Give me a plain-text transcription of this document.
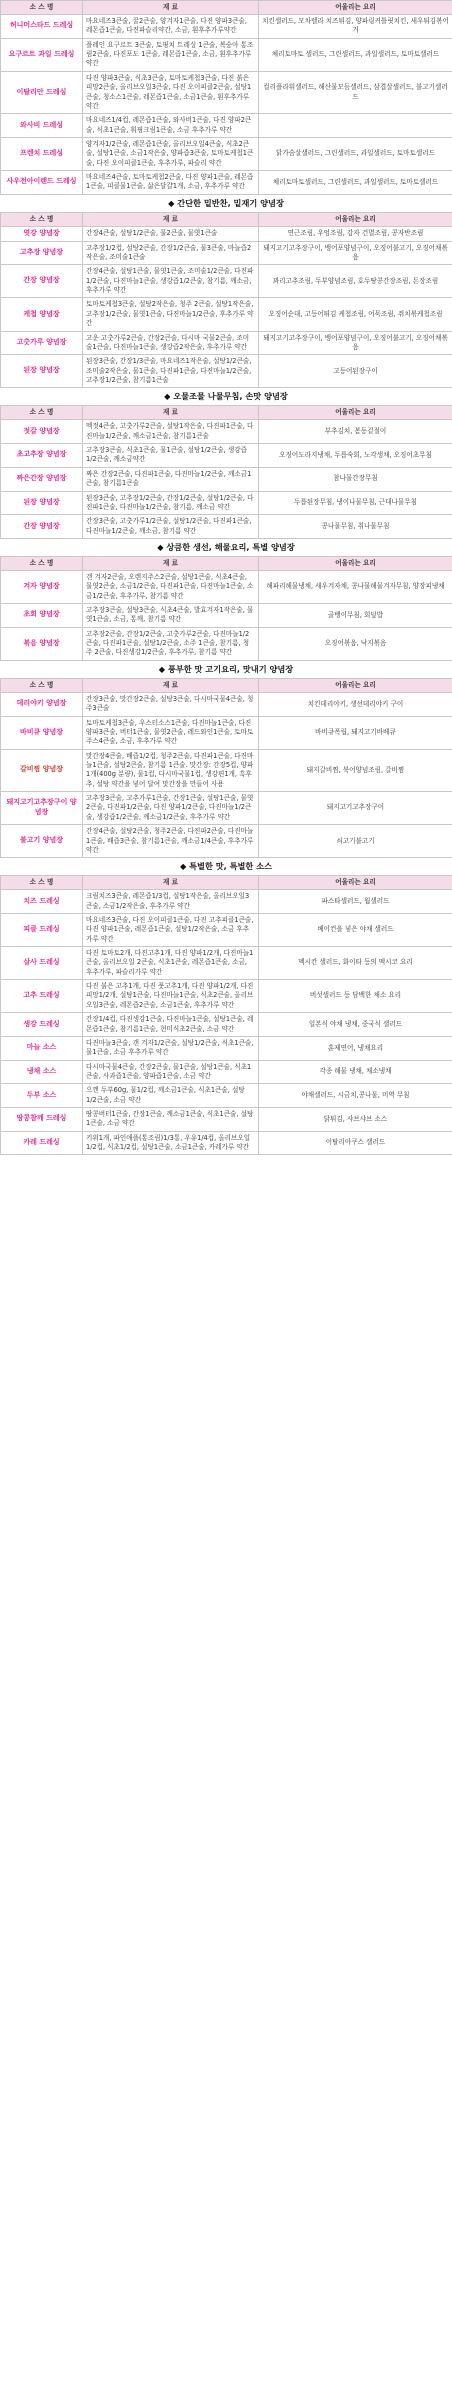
소 스 명	재 료	어울리는 요리
허니머스타드 드레싱	마요네즈3큰술, 꿀2큰술, 양겨자1큰술, 다진 양파3큰술, 레몬즙1큰술, 다진파슬리약간, 소금, 흰후추가루약간	치킨샐러드, 모차렐라 치즈튀김, 양파링커틀릿치킨, 새우튀김볶어거
요구르트 과일 드레싱	플레인 요구르트 3큰술, 토핑치 트레싱 1큰술, 복숭아 통조림2큰술, 다진포도 1큰술, 레몬즙1큰술, 소금, 흰후추가루 약간	체리토마토 샐러드, 그린샐러드, 과일샐러드, 토마토샐러드
이탈리안 드레싱	다진 양파3큰술, 식초3큰술, 토마토케첩3큰술, 다진 붉은 피망2큰술, 올리브오일3큰술, 다진 오이피클2큰술, 설탕1큰술, 청소스1큰술, 레몬즙1큰술, 소금1큰술, 흰후추가루약간	컬리플라워샐러드, 해산물모듬샐러드, 삼겹살샐러드, 불고기샐러드
와사비 드레싱	마요네즈1/4컵, 레몬즙1큰술, 와사비1큰술, 다진 양파2큰술, 식초1큰술, 휘핑크림1큰술, 소금 후추가루 약간	
프렌치 드레싱	양겨자1/2큰술, 레몬즙1큰술, 올리브오일4큰술, 식초2큰술, 설탕1큰술, 소금1작은술, 양파즙3큰술, 토마토케첩1큰술, 다진 오이피클1큰술, 후추가루, 파슬리 약간	닭가슴살샐러드, 그린샐러드, 과일샐러드, 토마토샐러드
사우전아이랜드 드레싱	마요네즈4큰술, 토마토케첩2큰술, 다진 양파1큰술, 레몬즙1큰술, 피클물1큰술, 삶은달걀1개, 소금, 후추가루 약간	체리토마토샐러드, 그린샐러드, 과일샐러드, 토마토샐러드
◆ 간단한 밑반찬, 밑재기 양념장
소 스 명	재 료	어울리는 요리
엿강 양념장	간장4큰술, 설탕1/2큰술, 물2큰술, 물엿1큰술	연근조림, 우엉조림, 감자 건멸조림, 콩자반조림
고추장 양념장	고추장1/2컵, 설탕2큰술, 간장1/2큰술, 물3큰술, 마늘즙2작은술, 조미술1큰술	돼지고기고추장구이, 뱅어포양념구이, 오징어불고기, 오징어채볶음
간장 양념장	간장4큰술, 설탕1큰술, 물엿1큰술, 조미술1/2큰술, 다진파1/2큰술, 다진마늘1큰술, 생강즙1/2큰술, 참기름, 깨소금, 후추가루 약간	꽈리고추조림, 두부양념조림, 호두땅콩간장조림, 돈장조림
케첩 양념장	토마토케첩3큰술, 설탕2작은술, 청주 2큰술, 설탕1작은술, 고추장1/2큰술, 물엿1큰술, 다진마늘1/2큰술, 후추가루 약간	오징어순대, 고등어튀김 케첩조림, 어묵조림, 쥐치볶케첩조림
고춧가루 양념장	고운 고춧가루2큰술, 간장2큰술, 다시마 국물2큰술, 조미술1큰술, 다진마늘1큰술, 생강즙2작은술, 후추가루 약간	돼지고기고추장구이, 뱅어포양념구이, 오징어불고기, 오징어채볶음
된장 양념장	된장3큰술, 간장1/3큰술, 마요네즈1작은술, 설탕1/2큰술, 조미술2작은술, 물1큰술, 다진파1큰술, 다진마늘1/2큰술, 고추장1/2큰술, 참기름1큰술	고등어된장구이
◆ 오물조물 나물무침, 손맛 양념장
소 스 명	재 료	어울리는 요리
젓갈 양념장	멕젓4큰술, 고춧가루2큰술, 설탕1작은술, 다진파1큰술, 다진마늘1/2큰술, 깨소금1큰술, 참기름1큰술	부추김치, 봄동겉절이
초고추장 양념장	고추장3큰술, 식초1큰술, 물1큰술, 설탕1/2큰술, 생강즙1/2큰술, 깨소금약간	오징어도라지냉채, 두릅숙회, 노각생채, 오징어초무침
짜은간장 양념장	짜은 간장2큰술, 다진파1큰술, 다진마늘1/2큰술, 깨소금1큰술, 참기름1큰술	참나물간장무침
된장 양념장	된장3큰술, 고추장1/2큰술, 간장1/2큰술, 설탕1/2큰술, 다진파1큰술, 다진마늘1/2큰술, 참기름, 깨소금 약간	두릅된장무침, 냉이나물무침, 근대나물무침
간장 양념장	간장3큰술, 고춧가루1/2큰술, 설탕1/2큰술, 다진파1큰술, 다진마늘1/2큰술, 깨소금, 참기름 약간	콩나물무침, 취나물무침
◆ 상큼한 생선, 해물요리, 특별 양념장
소 스 명	재 료	어울리는 요리
겨자 양념장	갠 겨자2큰술, 오렌지주스2큰술, 설탕1큰술, 식초4큰술, 물엿2큰술, 소금1/2큰술, 다진파1큰술, 다진마늘1큰술, 소금1/2큰술, 후추가루, 참기름 약간	해파리해물냉채, 새우겨자채, 콩나물해물겨자무침, 양장피냉채
초회 양념장	고추장3큰술, 설탕3큰술, 식초4큰술, 발효겨자1작은술, 물엿1큰술, 소금, 통깨, 참기름 약간	골뱅이무침, 회덮밥
볶음 양념장	고추장2큰술, 간장1/2큰술, 고춧가루2큰술, 다진마늘1/2큰술, 다진파1큰술, 설탕1/2큰술, 소주 1큰술, 참기름, 청주 2큰술, 다진생강1/2큰술, 후추가루, 참기름 약간	오징어볶음, 낙지볶음
◆ 풍부한 맛 고기요리, 맛내기 양념장
소 스 명	재 료	어울리는 요리
데리야키 양념장	간장3큰술, 맛간장2큰술, 설탕3큰술, 다시마국물4큰술, 청주3큰술	치킨데리야키, 생선데리야키 구이
바비큐 양념장	토마토케첩3큰술, 우스터소스1큰술, 다진마늘1큰술, 다진양파3큰술, 버터1큰술, 물엿2큰술, 레드와인1큰술, 토마토주스4큰술, 소금, 후추가루 약간	바비큐폭립, 돼지고기바베큐
갈비찜 양념장	맛간장4큰술, 배즙1/2컵, 청주2큰술, 다진파1큰술, 다진마늘1큰술, 설탕2큰술, 참기름 1큰술. 맛간장: 간장5컵, 양파1개(400g 분량), 물1컵, 다시마국물1컵, 생강편1개, 흑후추, 설탕 약간을 넣어 달여 맛간장을 만들어 사용	돼지갈비찜, 북어양념조림, 갈비찜
돼지고기고추장구이 양념장	고추장3큰술, 고추가루1큰술, 간장1큰술, 설탕1큰술, 물엿2큰술, 다진파1/2큰술, 다진 양파1/2큰술, 다진마늘1/2큰술, 생강즙1/2큰술, 깨소금1/2큰술, 후추가루 약간	돼지고기고추장구이
불고기 양념장	간장4큰술, 설탕2큰술, 청주2큰술, 다진파2큰술, 다진마늘1큰술, 배즙3큰술, 참기름1큰술, 깨소금1/4큰술, 후추가루 약간	쇠고기불고기
◆ 특별한 맛, 특별한 소스
소 스 명	재 료	어울리는 요리
치즈 드레싱	크림치즈3큰술, 레몬즙1/3컵, 설탕1작은술, 올리브오일3큰술, 소금1/2작은술, 후추가루 약간	파스타샐러드, 웜샐러드
피클 드레싱	마요네즈3큰술, 다진 오이피클1큰술, 다진 고추피클1큰술, 다진 양파1큰술, 레몬즙1큰술, 설탕1/2작은술, 소금 후추가루 약간	베이컨을 넣은 야채 샐러드
살사 드레싱	다진 토마토2개, 다진고추1개, 다진 양파1/2개, 다진마늘1큰술, 올리브오일 2큰술, 식초1큰술, 레몬즙1큰술, 소금, 후추가루, 파슬리가루 약간	멕시칸 샐러드, 화이타 등의 멕시코 요리
고추 드레싱	다진 붉은 고추1개, 다진 풋고추1개, 다진 양파1/2개, 다진 피망1/2개, 설탕1큰술, 다진마늘1큰술, 식초2큰술, 올리브오일3큰술, 레몬즙2큰술, 소금1큰술, 후추가루 약간	버섯샐러드 등 담백한 채소 요리
생강 드레싱	간장1/4컵, 다진생강1큰술, 다진마늘1큰술, 설탕1큰술, 레몬즙1큰술, 참기름1큰술, 현미식초2큰술, 소금 약간	일본식 야채 냉채, 중국식 샐러드
마늘 소스	다진마늘3큰술, 갠 겨자1/2큰술, 설탕1/2큰술, 식초1큰술, 물1큰술, 소금 후추가루 약간	훈제연어, 냉채요리
냉채 소스	다시마국물4큰술, 간장2큰술, 물1큰술, 설탕1큰술, 식초1큰술, 사과즙1큰술, 양파즙1큰술, 소금 약간	각종 해물 냉채, 채소냉채
두부 소스	으깬 두부60g, 물1/2컵, 깨소금1큰술, 식초1큰술, 설탕1/2큰술, 소금 약간	야채샐러드, 시금치,콩나물, 미역 무침
땅콩참깨 드레싱	땅콩버터1큰술, 간장1큰술, 깨소금1큰술, 식초1큰술, 설탕1큰술, 소금 약간	닭튀김, 샤브샤브 소스
카레 드레싱	키위1개, 파인애플(통조림)1/3통, 우유1/4컵, 올리브오일1/2컵, 식초1/2컵, 설탕1큰술, 소금1큰술, 카레가루 약간	이탈리아쿠스 샐러드
